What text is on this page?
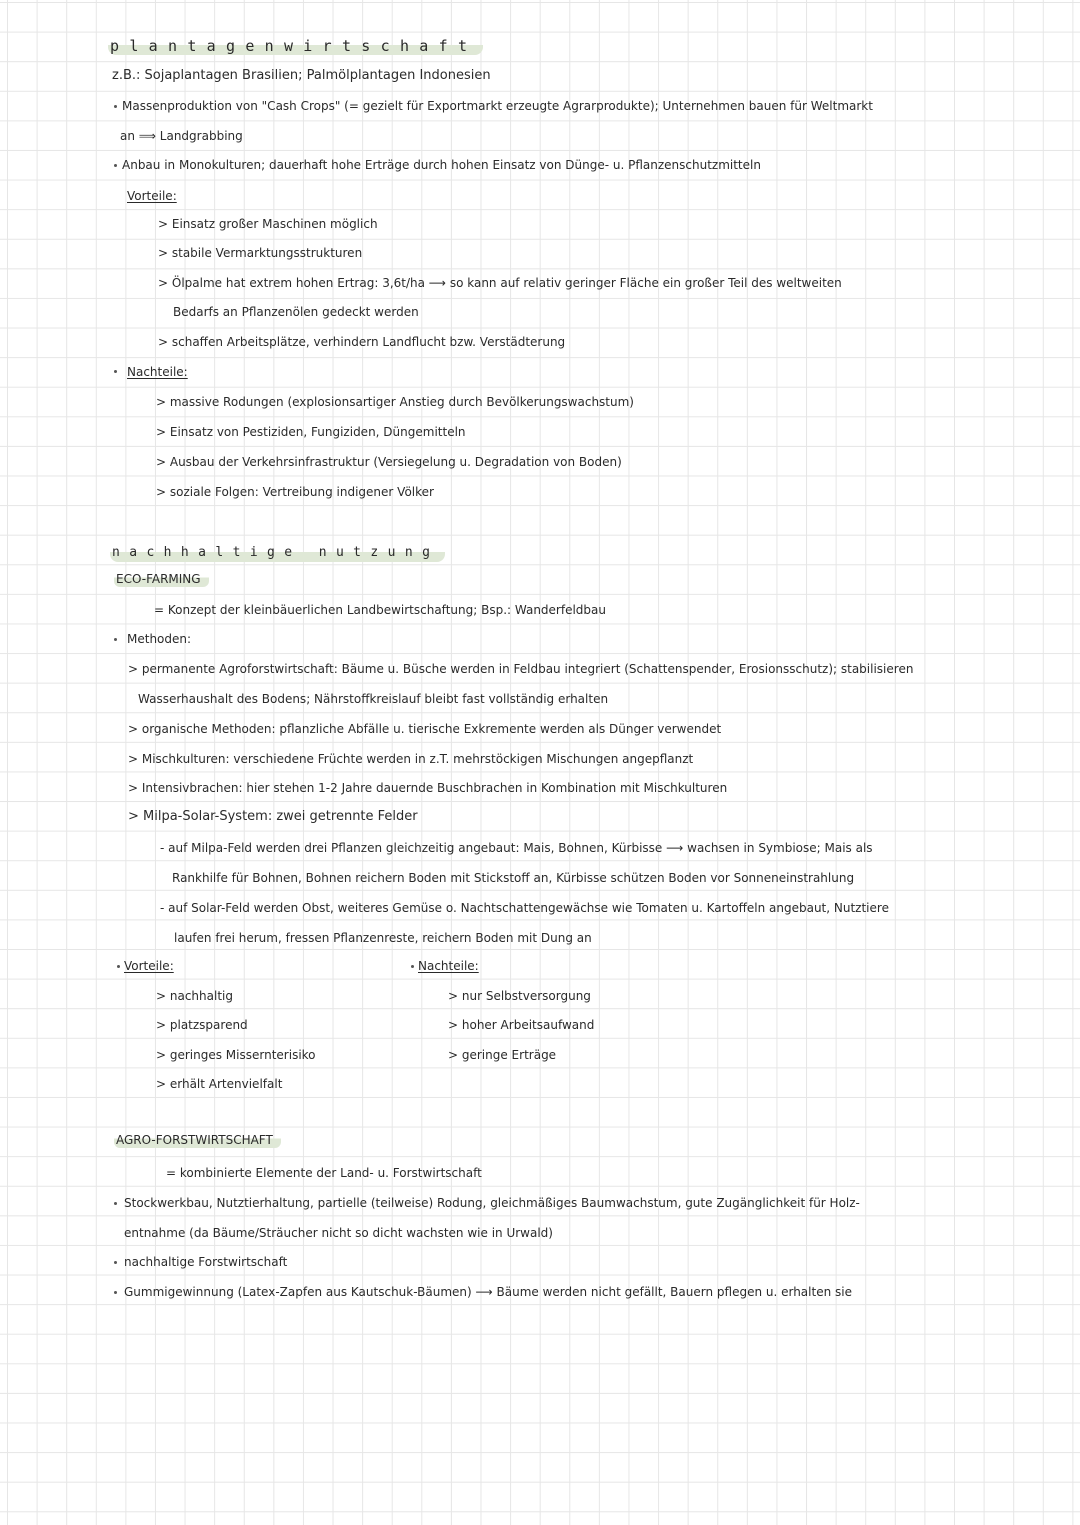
plantagenwirtschaft
z.B.: Sojaplantagen Brasilien; Palmölplantagen Indonesien
Massenproduktion von "Cash Crops" (= gezielt für Exportmarkt erzeugte Agrarprodukte); Unternehmen bauen für Weltmarkt
an ⟹ Landgrabbing
Anbau in Monokulturen; dauerhaft hohe Erträge durch hohen Einsatz von Dünge- u. Pflanzenschutzmitteln
Vorteile:
> Einsatz großer Maschinen möglich
> stabile Vermarktungsstrukturen
> Ölpalme hat extrem hohen Ertrag: 3,6t/ha ⟶ so kann auf relativ geringer Fläche ein großer Teil des weltweiten
Bedarfs an Pflanzenölen gedeckt werden
> schaffen Arbeitsplätze, verhindern Landflucht bzw. Verstädterung
Nachteile:
> massive Rodungen (explosionsartiger Anstieg durch Bevölkerungswachstum)
> Einsatz von Pestiziden, Fungiziden, Düngemitteln
> Ausbau der Verkehrsinfrastruktur (Versiegelung u. Degradation von Boden)
> soziale Folgen: Vertreibung indigener Völker
nachhaltige nutzung
ECO-FARMING
= Konzept der kleinbäuerlichen Landbewirtschaftung; Bsp.: Wanderfeldbau
Methoden:
> permanente Agroforstwirtschaft: Bäume u. Büsche werden in Feldbau integriert (Schattenspender, Erosionsschutz); stabilisieren
Wasserhaushalt des Bodens; Nährstoffkreislauf bleibt fast vollständig erhalten
> organische Methoden: pflanzliche Abfälle u. tierische Exkremente werden als Dünger verwendet
> Mischkulturen: verschiedene Früchte werden in z.T. mehrstöckigen Mischungen angepflanzt
> Intensivbrachen: hier stehen 1-2 Jahre dauernde Buschbrachen in Kombination mit Mischkulturen
> Milpa-Solar-System: zwei getrennte Felder
- auf Milpa-Feld werden drei Pflanzen gleichzeitig angebaut: Mais, Bohnen, Kürbisse ⟶ wachsen in Symbiose; Mais als
Rankhilfe für Bohnen, Bohnen reichern Boden mit Stickstoff an, Kürbisse schützen Boden vor Sonneneinstrahlung
- auf Solar-Feld werden Obst, weiteres Gemüse o. Nachtschattengewächse wie Tomaten u. Kartoffeln angebaut, Nutztiere
laufen frei herum, fressen Pflanzenreste, reichern Boden mit Dung an
Vorteile:
> nachhaltig
> platzsparend
> geringes Missernterisiko
> erhält Artenvielfalt
Nachteile:
> nur Selbstversorgung
> hoher Arbeitsaufwand
> geringe Erträge
AGRO-FORSTWIRTSCHAFT
= kombinierte Elemente der Land- u. Forstwirtschaft
Stockwerkbau, Nutztierhaltung, partielle (teilweise) Rodung, gleichmäßiges Baumwachstum, gute Zugänglichkeit für Holz-
entnahme (da Bäume/Sträucher nicht so dicht wachsten wie in Urwald)
nachhaltige Forstwirtschaft
Gummigewinnung (Latex-Zapfen aus Kautschuk-Bäumen) ⟶ Bäume werden nicht gefällt, Bauern pflegen u. erhalten sie
